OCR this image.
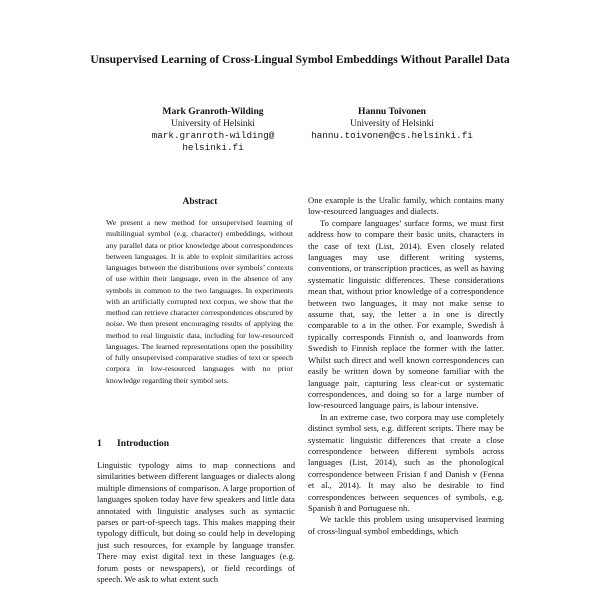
Unsupervised Learning of Cross-Lingual Symbol Embeddings Without Parallel Data
Mark Granroth-Wilding
University of Helsinki
mark.granroth-wilding@
helsinki.fi
Hannu Toivonen
University of Helsinki
hannu.toivonen@cs.helsinki.fi
Abstract
We present a new method for unsupervised learning of multilingual symbol (e.g. character) embeddings, without any parallel data or prior knowledge about correspondences between languages. It is able to exploit similarities across languages between the distributions over symbols’ contexts of use within their language, even in the absence of any symbols in common to the two languages. In experiments with an artificially corrupted text corpus, we show that the method can retrieve character correspondences obscured by noise. We then present encouraging results of applying the method to real linguistic data, including for low-resourced languages. The learned representations open the possibility of fully unsupervised comparative studies of text or speech corpora in low-resourced languages with no prior knowledge regarding their symbol sets.
1 Introduction

Linguistic typology aims to map connections and similarities between different languages or dialects along multiple dimensions of comparison. A large proportion of languages spoken today have few speakers and little data annotated with linguistic analyses such as syntactic parses or part-of-speech tags. This makes mapping their typology difficult, but doing so could help in developing just such resources, for example by language transfer. There may exist digital text in these languages (e.g. forum posts or newspapers), or field recordings of speech. We ask to what extent such

One example is the Uralic family, which contains many low-resourced languages and dialects.

To compare languages’ surface forms, we must first address how to compare their basic units, characters in the case of text (List, 2014). Even closely related languages may use different writing systems, conventions, or transcription practices, as well as having systematic linguistic differences. These considerations mean that, without prior knowledge of a correspondence between two languages, it may not make sense to assume that, say, the letter a in one is directly comparable to a in the other. For example, Swedish å typically corresponds Finnish o, and loanwords from Swedish to Finnish replace the former with the latter. Whilst such direct and well known correspondences can easily be written down by someone familiar with the language pair, capturing less clear-cut or systematic correspondences, and doing so for a large number of low-resourced language pairs, is labour intensive.

In an extreme case, two corpora may use completely distinct symbol sets, e.g. different scripts. There may be systematic linguistic differences that create a close correspondence between different symbols across languages (List, 2014), such as the phonological correspondence between Frisian f and Danish v (Fenna et al., 2014). It may also be desirable to find correspondences between sequences of symbols, e.g. Spanish ñ and Portuguese nh.

We tackle this problem using unsupervised learning of cross-lingual symbol embeddings, which
